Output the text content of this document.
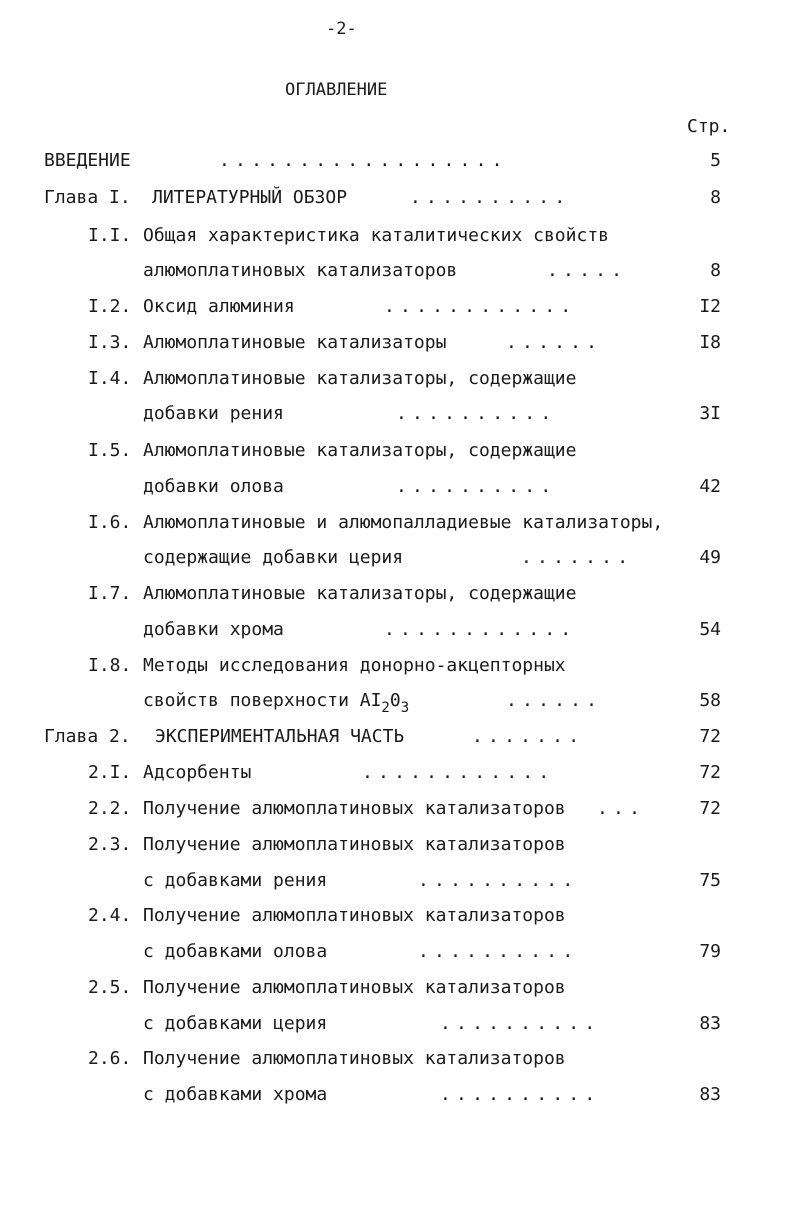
-2-
ОГЛАВЛЕНИЕ
Стр.
ВВЕДЕНИЕ	..................	5
Глава I. ЛИТЕРАТУРНЫЙ ОБЗОР	..........	8
I.I. Общая характеристика каталитических свойств
алюмоплатиновых катализаторов	.....	8
I.2. Оксид алюминия	............	I2
I.3. Алюмоплатиновые катализаторы	......	I8
I.4. Алюмоплатиновые катализаторы, содержащие
добавки рения	..........	3I
I.5. Алюмоплатиновые катализаторы, содержащие
добавки олова	..........	42
I.6. Алюмоплатиновые и алюмопалладиевые катализаторы,
содержащие добавки церия	.......	49
I.7. Алюмоплатиновые катализаторы, содержащие
добавки хрома	............	54
I.8. Методы исследования донорно-акцепторных
свойств поверхности $AI_20_3$	......	58
Глава 2. ЭКСПЕРИМЕНТАЛЬНАЯ ЧАСТЬ	.......	72
2.I. Адсорбенты	............	72
2.2. Получение алюмоплатиновых катализаторов ...	72
2.3. Получение алюмоплатиновых катализаторов
с добавками рения	..........	75
2.4. Получение алюмоплатиновых катализаторов
с добавками олова	..........	79
2.5. Получение алюмоплатиновых катализаторов
с добавками церия	..........	83
2.6. Получение алюмоплатиновых катализаторов
с добавками хрома	..........	83
